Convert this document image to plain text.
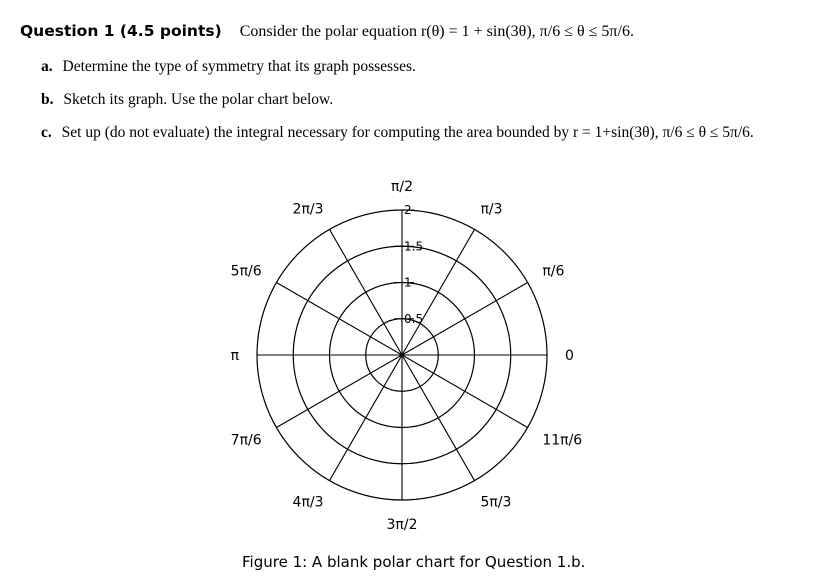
Question 1 (4.5 points) Consider the polar equation r(θ) = 1 + sin(3θ), π/6 ≤ θ ≤ 5π/6.
a. Determine the type of symmetry that its graph possesses.
b. Sketch its graph. Use the polar chart below.
c. Set up (do not evaluate) the integral necessary for computing the area bounded by r = 1+sin(3θ), π/6 ≤ θ ≤ 5π/6.
0.5
1
1.5
2
0
π/6
π/3
π/2
2π/3
5π/6
π
7π/6
4π/3
3π/2
5π/3
11π/6
Figure 1: A blank polar chart for Question 1.b.
